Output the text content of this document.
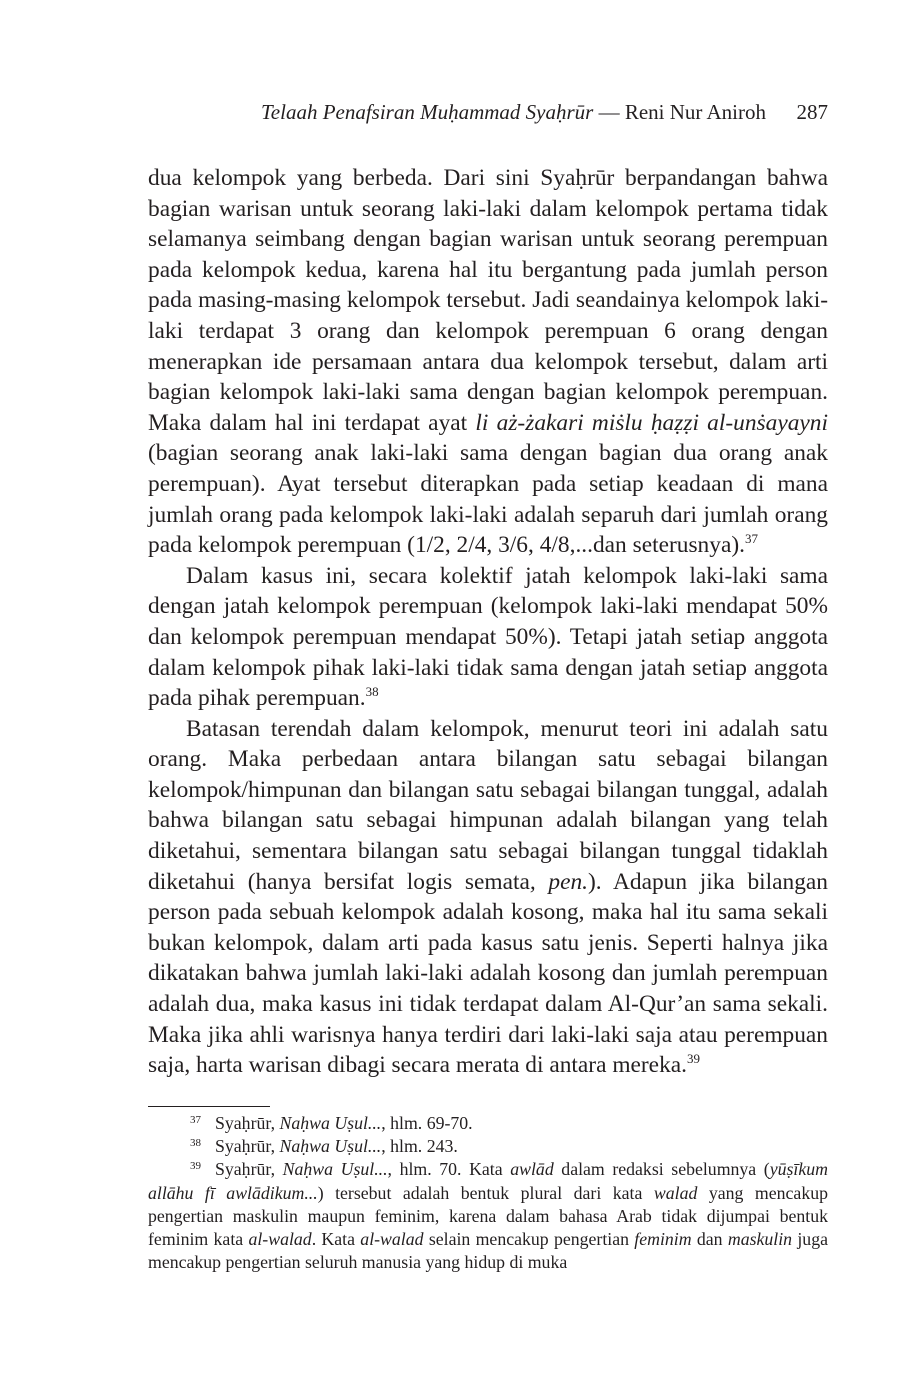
Telaah Penafsiran Muḥammad Syaḥrūr — Reni Nur Aniroh 287

dua kelompok yang berbeda. Dari sini Syaḥrūr berpandangan bahwa bagian warisan untuk seorang laki-laki dalam kelompok pertama tidak selamanya seimbang dengan bagian warisan untuk seorang perempuan pada kelompok kedua, karena hal itu bergantung pada jumlah person pada masing-masing kelompok tersebut. Jadi seandainya kelompok laki-laki terdapat 3 orang dan kelompok perempuan 6 orang dengan menerapkan ide persamaan antara dua kelompok tersebut, dalam arti bagian kelompok laki-laki sama dengan bagian kelompok perempuan. Maka dalam hal ini terdapat ayat li aż-żakari miṡlu ḥaẓẓi al-unṡayayni (bagian seorang anak laki-laki sama dengan bagian dua orang anak perempuan). Ayat tersebut diterapkan pada setiap keadaan di mana jumlah orang pada kelompok laki-laki adalah separuh dari jumlah orang pada kelompok perempuan (1/2, 2/4, 3/6, 4/8,...dan seterusnya).$^{37}$

Dalam kasus ini, secara kolektif jatah kelompok laki-laki sama dengan jatah kelompok perempuan (kelompok laki-laki mendapat 50% dan kelompok perempuan mendapat 50%). Tetapi jatah setiap anggota dalam kelompok pihak laki-laki tidak sama dengan jatah setiap anggota pada pihak perempuan.$^{38}$

Batasan terendah dalam kelompok, menurut teori ini adalah satu orang. Maka perbedaan antara bilangan satu sebagai bilangan kelompok/himpunan dan bilangan satu sebagai bilangan tunggal, adalah bahwa bilangan satu sebagai himpunan adalah bilangan yang telah diketahui, sementara bilangan satu sebagai bilangan tunggal tidaklah diketahui (hanya bersifat logis semata, pen.). Adapun jika bilangan person pada sebuah kelompok adalah kosong, maka hal itu sama sekali bukan kelompok, dalam arti pada kasus satu jenis. Seperti halnya jika dikatakan bahwa jumlah laki-laki adalah kosong dan jumlah perempuan adalah dua, maka kasus ini tidak terdapat dalam Al-Qur’an sama sekali. Maka jika ahli warisnya hanya terdiri dari laki-laki saja atau perempuan saja, harta warisan dibagi secara merata di antara mereka.$^{39}$

$^{37}$ Syaḥrūr, Naḥwa Uṣul..., hlm. 69-70.

$^{38}$ Syaḥrūr, Naḥwa Uṣul..., hlm. 243.

$^{39}$ Syaḥrūr, Naḥwa Uṣul..., hlm. 70. Kata awlād dalam redaksi sebelumnya (yūṣīkum allāhu fī awlādikum...) tersebut adalah bentuk plural dari kata walad yang mencakup pengertian maskulin maupun feminim, karena dalam bahasa Arab tidak dijumpai bentuk feminim kata al-walad. Kata al-walad selain mencakup pengertian feminim dan maskulin juga mencakup pengertian seluruh manusia yang hidup di muka
